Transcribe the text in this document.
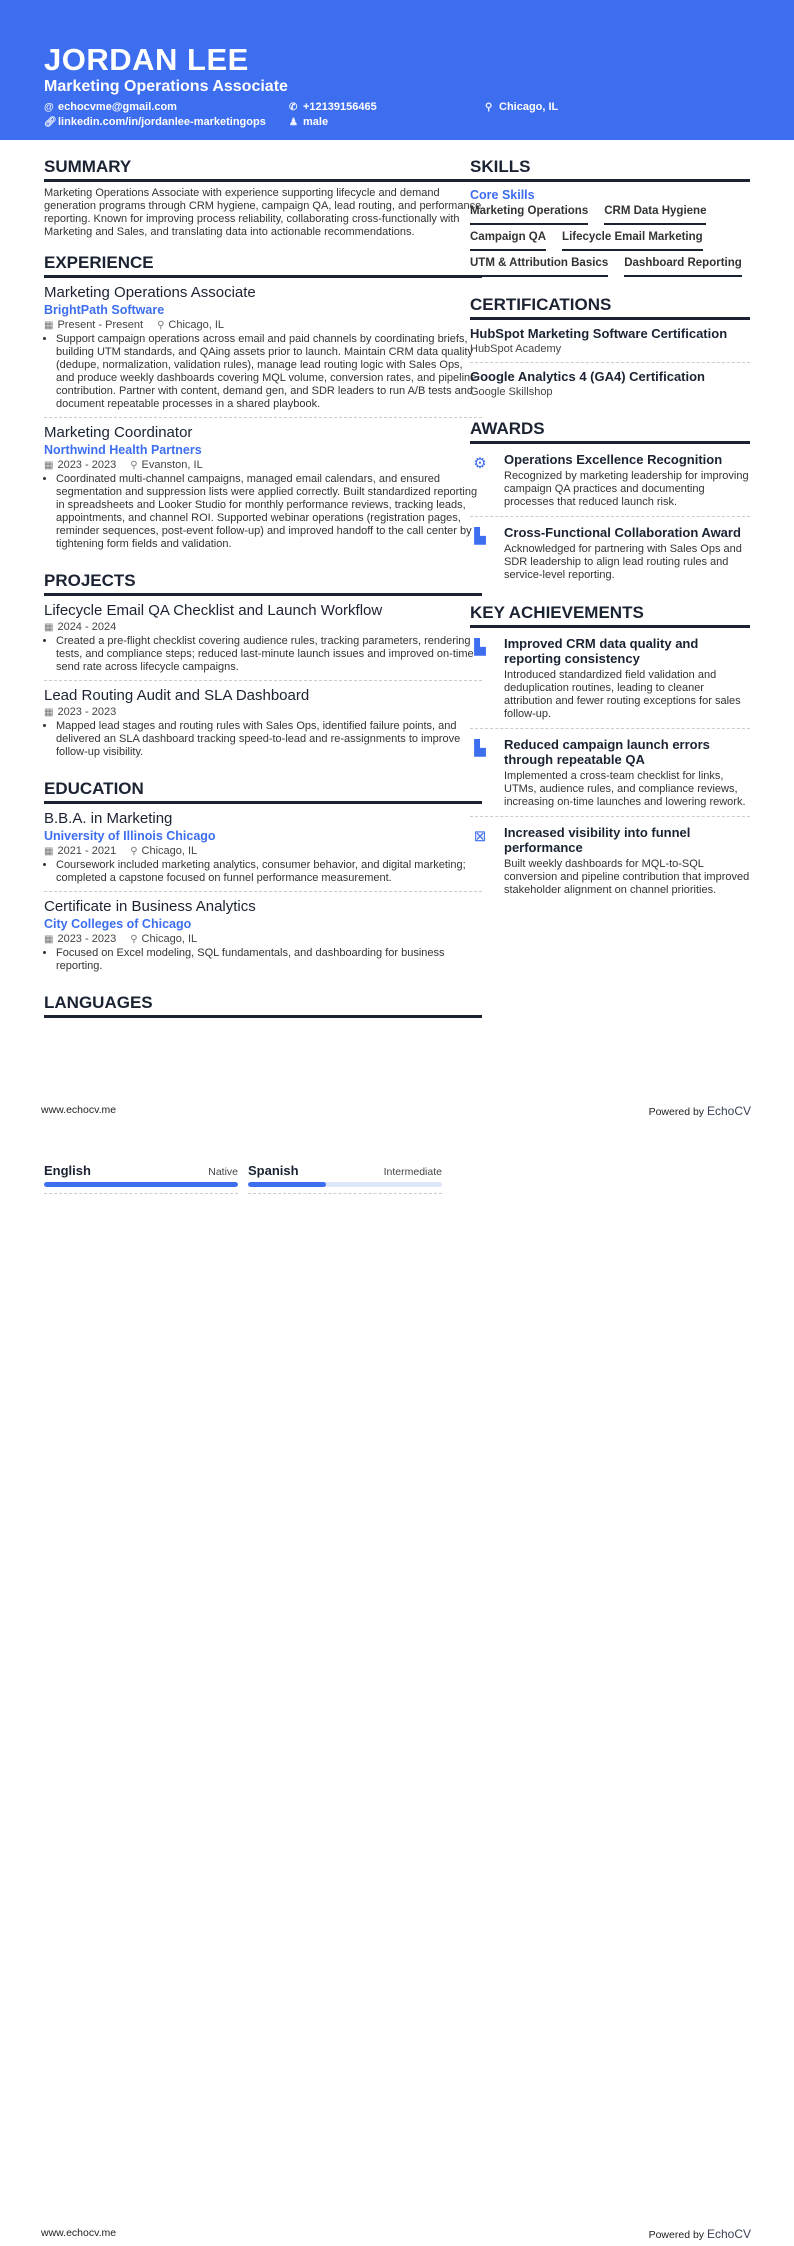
JORDAN LEE
Marketing Operations Associate
@ echocvme@gmail.com	✆ +12139156465	⚲ Chicago, IL
🔗︎linkedin.com/in/jordanlee-marketingops	♟ male
SUMMARY
Marketing Operations Associate with experience supporting lifecycle and demand generation programs through CRM hygiene, campaign QA, lead routing, and performance reporting. Known for improving process reliability, collaborating cross-functionally with Marketing and Sales, and translating data into actionable recommendations.
EXPERIENCE
Marketing Operations Associate
BrightPath Software
▦ Present - Present ⚲ Chicago, IL
• Support campaign operations across email and paid channels by coordinating briefs, building UTM standards, and QAing assets prior to launch. Maintain CRM data quality (dedupe, normalization, validation rules), manage lead routing logic with Sales Ops, and produce weekly dashboards covering MQL volume, conversion rates, and pipeline contribution. Partner with content, demand gen, and SDR leaders to run A/B tests and document repeatable processes in a shared playbook.
Marketing Coordinator
Northwind Health Partners
▦ 2023 - 2023 ⚲ Evanston, IL
• Coordinated multi-channel campaigns, managed email calendars, and ensured segmentation and suppression lists were applied correctly. Built standardized reporting in spreadsheets and Looker Studio for monthly performance reviews, tracking leads, appointments, and channel ROI. Supported webinar operations (registration pages, reminder sequences, post-event follow-up) and improved handoff to the call center by tightening form fields and validation.
PROJECTS
Lifecycle Email QA Checklist and Launch Workflow
▦ 2024 - 2024
• Created a pre-flight checklist covering audience rules, tracking parameters, rendering tests, and compliance steps; reduced last-minute launch issues and improved on-time send rate across lifecycle campaigns.
Lead Routing Audit and SLA Dashboard
▦ 2023 - 2023
• Mapped lead stages and routing rules with Sales Ops, identified failure points, and delivered an SLA dashboard tracking speed-to-lead and re-assignments to improve follow-up visibility.
EDUCATION
B.B.A. in Marketing
University of Illinois Chicago
▦ 2021 - 2021 ⚲ Chicago, IL
• Coursework included marketing analytics, consumer behavior, and digital marketing; completed a capstone focused on funnel performance measurement.
Certificate in Business Analytics
City Colleges of Chicago
▦ 2023 - 2023 ⚲ Chicago, IL
• Focused on Excel modeling, SQL fundamentals, and dashboarding for business reporting.
LANGUAGES
SKILLS
Core Skills
Marketing Operations CRM Data Hygiene
Campaign QA Lifecycle Email Marketing
UTM & Attribution Basics Dashboard Reporting
CERTIFICATIONS
HubSpot Marketing Software Certification
HubSpot Academy
Google Analytics 4 (GA4) Certification
Google Skillshop
AWARDS
⚙ Operations Excellence Recognition
Recognized by marketing leadership for improving campaign QA practices and documenting processes that reduced launch risk.
▙	Cross-Functional Collaboration Award
Acknowledged for partnering with Sales Ops and SDR leadership to align lead routing rules and service-level reporting.
KEY ACHIEVEMENTS
▙	Improved CRM data quality and reporting consistency
Introduced standardized field validation and deduplication routines, leading to cleaner attribution and fewer routing exceptions for sales follow-up.
▙	Reduced campaign launch errors through repeatable QA
Implemented a cross-team checklist for links, UTMs, audience rules, and compliance reviews, increasing on-time launches and lowering rework.
⊠ Increased visibility into funnel performance
Built weekly dashboards for MQL-to-SQL conversion and pipeline contribution that improved stakeholder alignment on channel priorities.
www.echocv.me	Powered by EchoCV
English	Native Spanish	Intermediate
www.echocv.me	Powered by EchoCV
